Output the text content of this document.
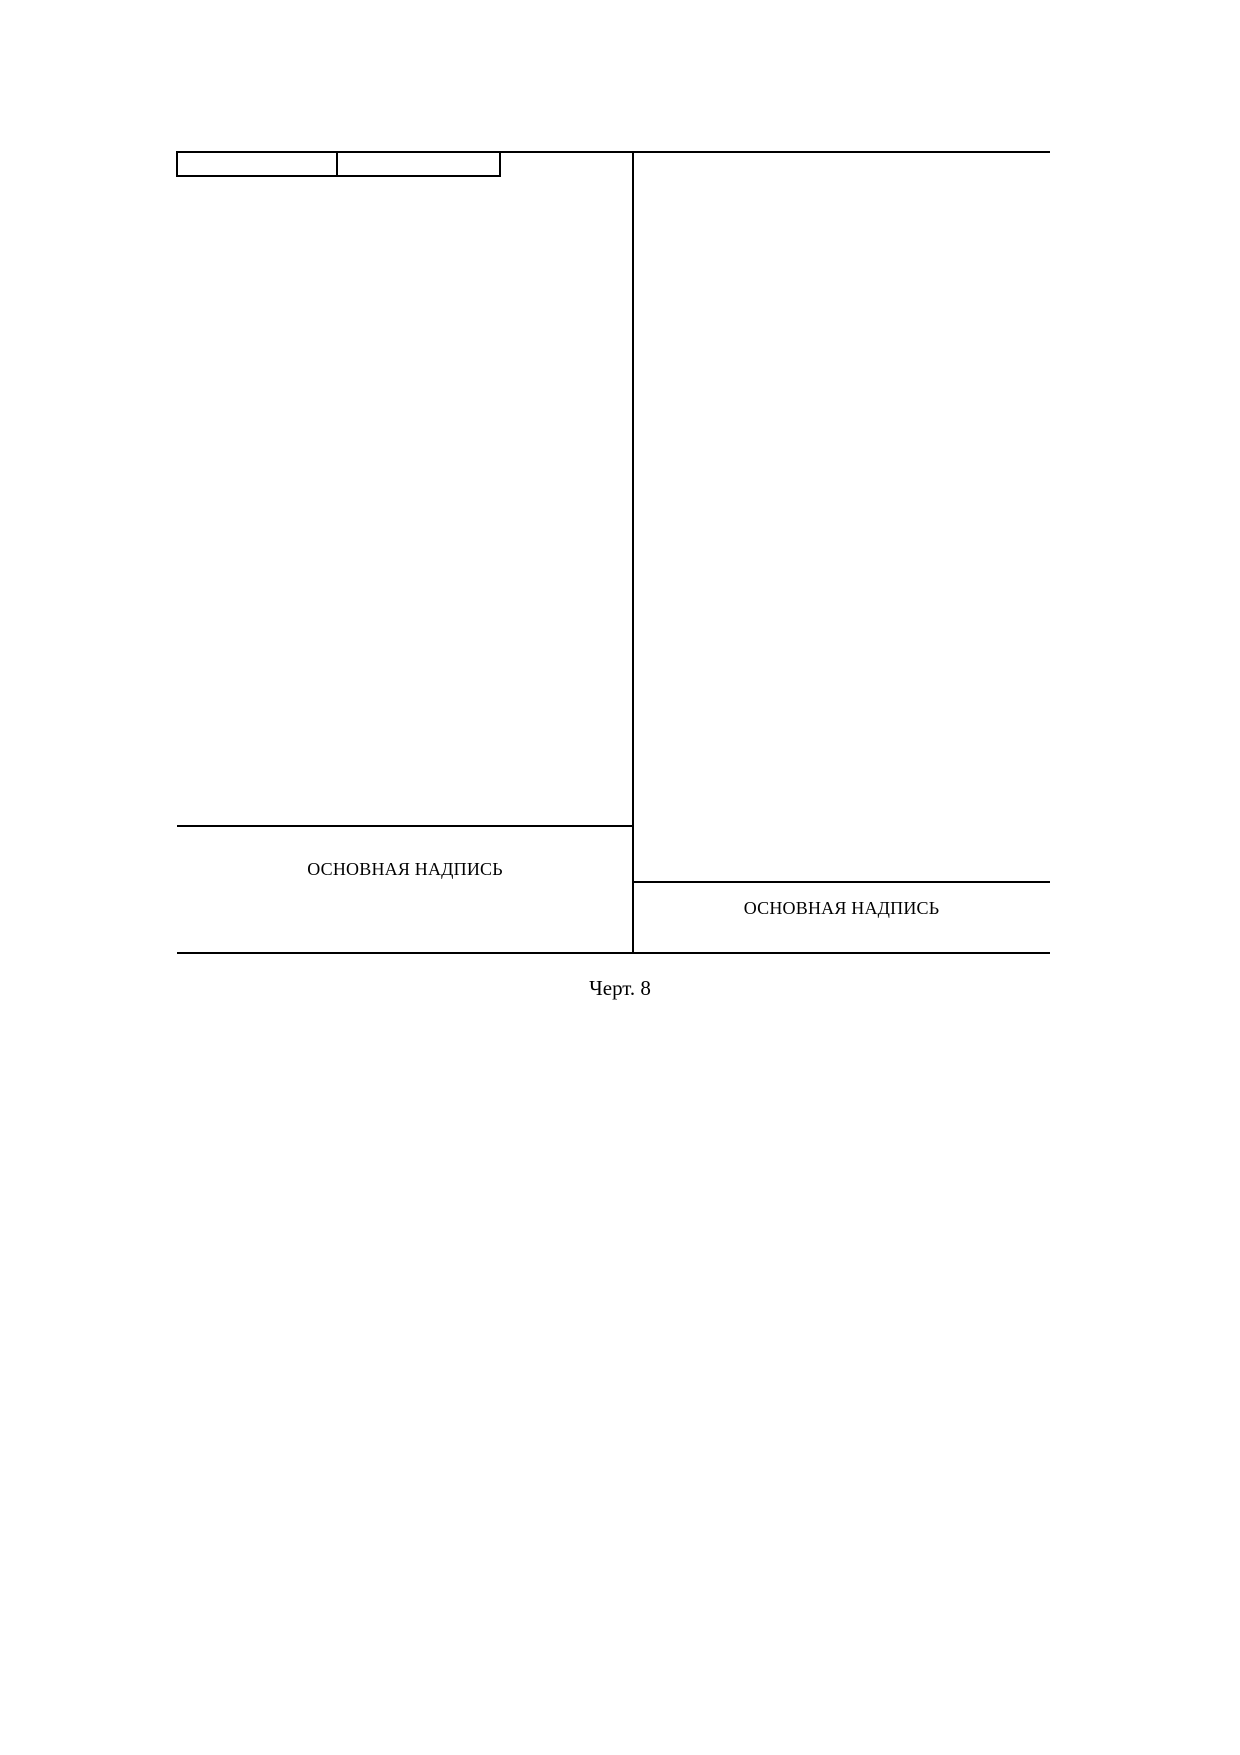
ОСНОВНАЯ НАДПИСЬ
ОСНОВНАЯ НАДПИСЬ
Черт. 8
